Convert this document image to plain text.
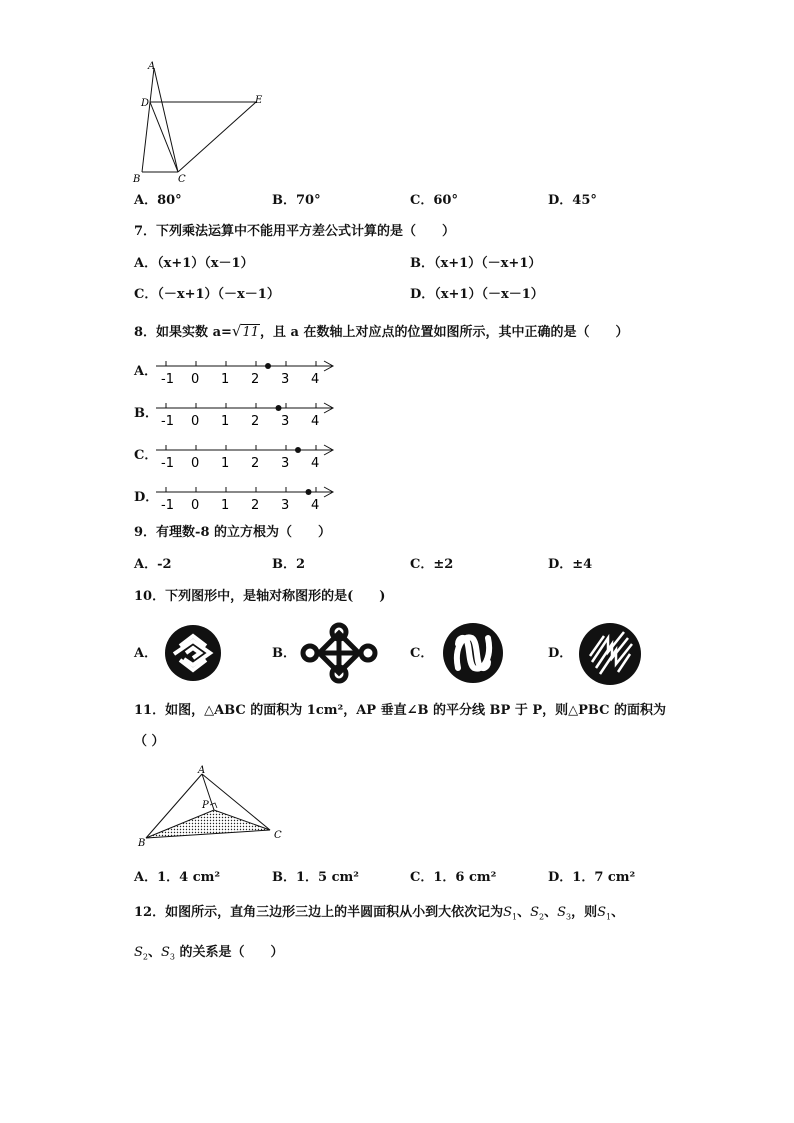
A
D	E
B	C
A．80°	B．70°	C．60°	D．45°
7．下列乘法运算中不能用平方差公式计算的是（　　）
A．（x+1）（x－1）	B．（x+1）（－x+1）
C．（－x+1）（－x－1）	D．（x+1）（－x－1）
8．如果实数 a=√11，且 a 在数轴上对应点的位置如图所示，其中正确的是（　　）
A．
-1 0 1 2 3 4
B．
-1 0 1 2 3 4
C．
-1 0 1 2 3 4
D．
-1 0 1 2 3 4
9．有理数-8 的立方根为（　　）
A．-2	B．2	C．±2	D．±4
10．下列图形中，是轴对称图形的是(　　)
A．	B．	C．	D．
11．如图，△ABC 的面积为 1cm²，AP 垂直∠B 的平分线 BP 于 P，则△PBC 的面积为
（ ）
A
P
B
C
A．1．4 cm²	B．1．5 cm²	C．1．6 cm²	D．1．7 cm²
12．如图所示，直角三边形三边上的半圆面积从小到大依次记为$S_1$、$S_2$、$S_3$，则$S_1$、
$S_2$、$S_3$ 的关系是（　　）
